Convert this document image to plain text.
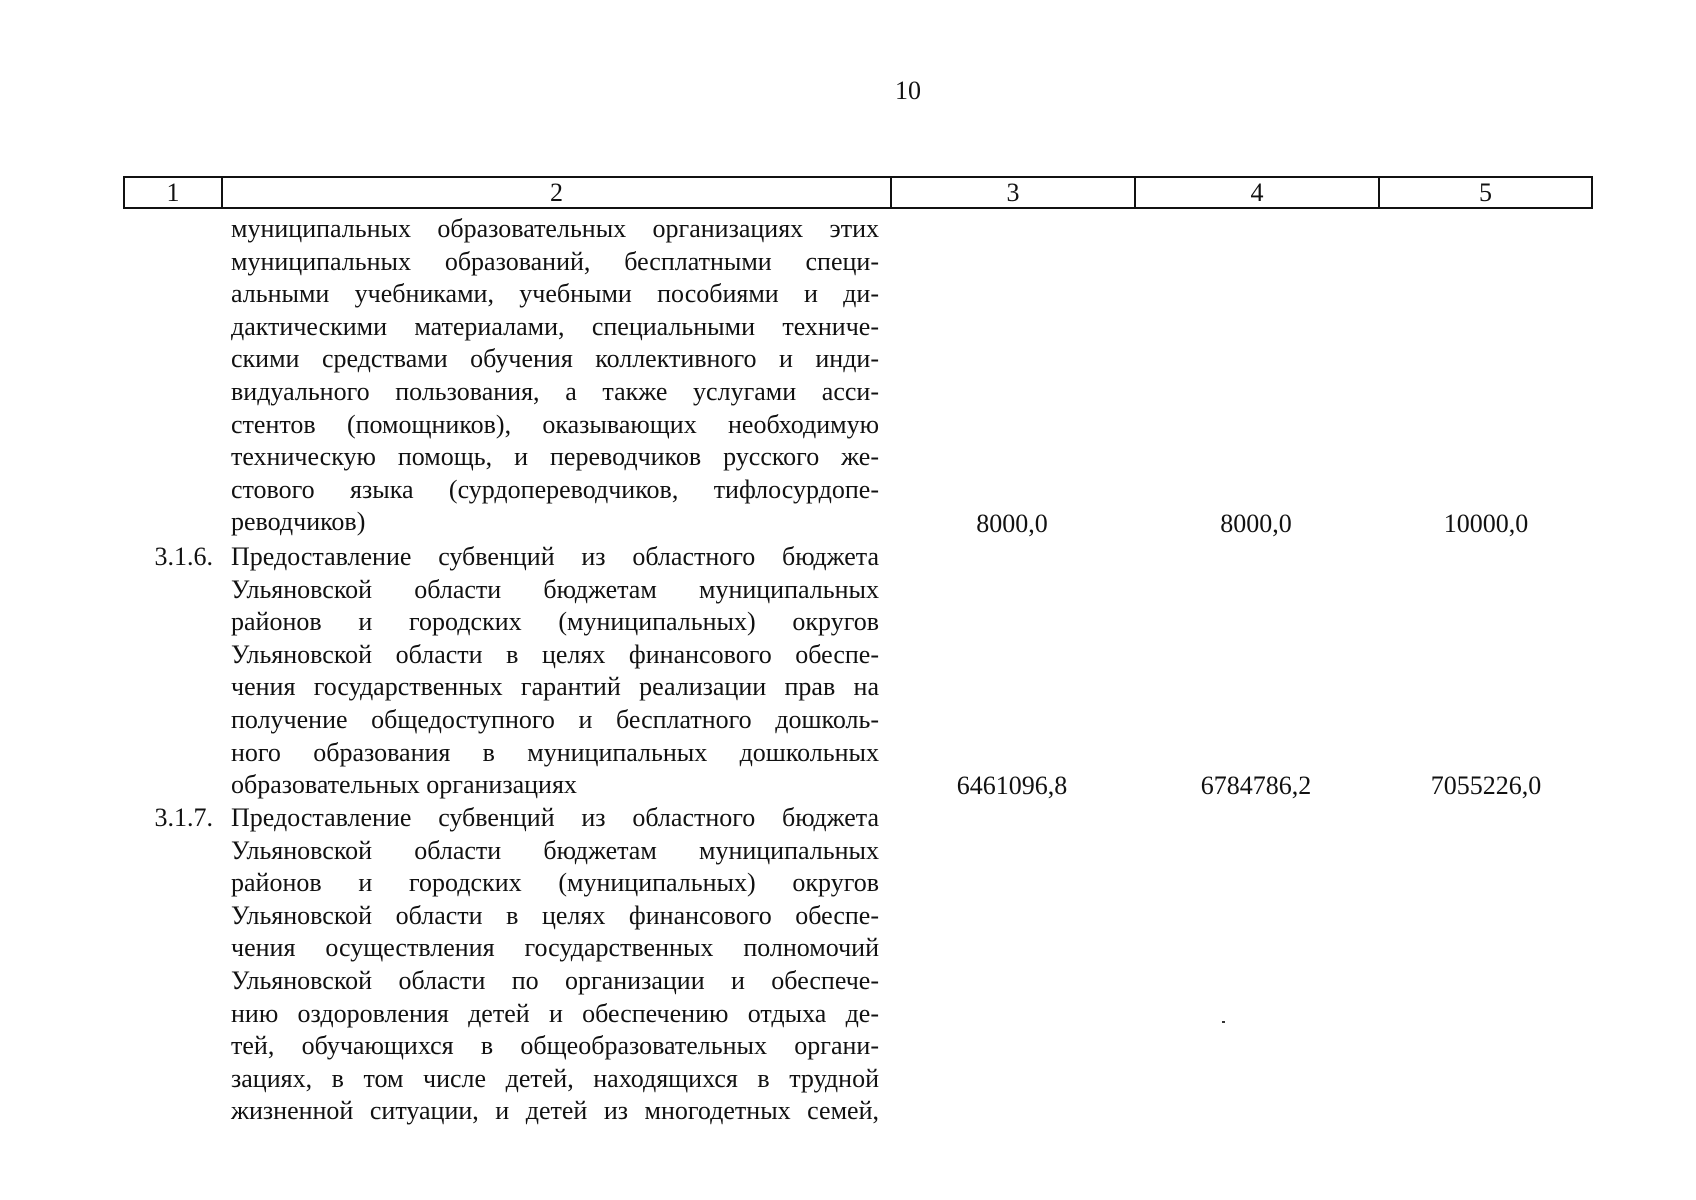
10
1	2	3	4	5
муниципальных образовательных организациях этих
муниципальных образований, бесплатными специ-
альными учебниками, учебными пособиями и ди-
дактическими материалами, специальными техниче-
скими средствами обучения коллективного и инди-
видуального пользования, а также услугами асси-
стентов (помощников), оказывающих необходимую
техническую помощь, и переводчиков русского же-
стового языка (сурдопереводчиков, тифлосурдопе-
реводчиков)	8000,0	8000,0	10000,0
3.1.6. Предоставление субвенций из областного бюджета
Ульяновской области бюджетам муниципальных
районов и городских (муниципальных) округов
Ульяновской области в целях финансового обеспе-
чения государственных гарантий реализации прав на
получение общедоступного и бесплатного дошколь-
ного образования в муниципальных дошкольных
образовательных организациях	6461096,8	6784786,2	7055226,0
3.1.7. Предоставление субвенций из областного бюджета
Ульяновской области бюджетам муниципальных
районов и городских (муниципальных) округов
Ульяновской области в целях финансового обеспе-
чения осуществления государственных полномочий
Ульяновской области по организации и обеспече-
нию оздоровления детей и обеспечению отдыха де-
тей, обучающихся в общеобразовательных органи-
зациях, в том числе детей, находящихся в трудной
жизненной ситуации, и детей из многодетных семей,
